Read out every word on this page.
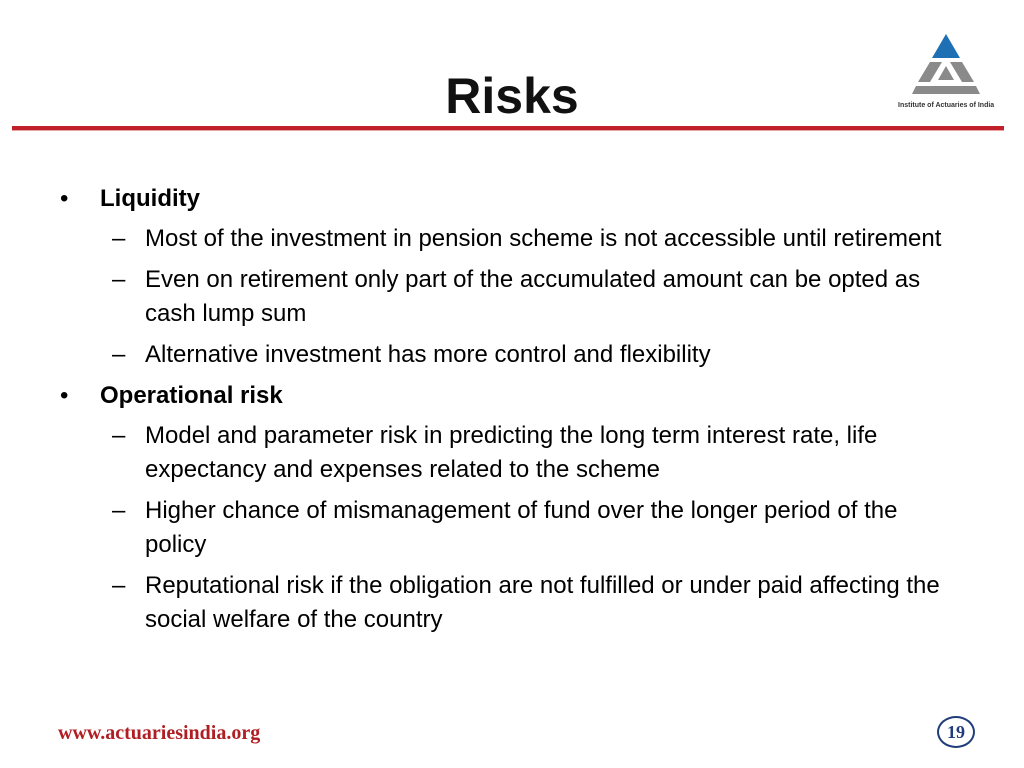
Risks	Institute of Actuaries of India
• Liquidity
– Most of the investment in pension scheme is not accessible until retirement
– Even on retirement only part of the accumulated amount can be opted as cash lump sum
– Alternative investment has more control and flexibility
• Operational risk
– Model and parameter risk in predicting the long term interest rate, life expectancy and expenses related to the scheme
– Higher chance of mismanagement of fund over the longer period of the policy
– Reputational risk if the obligation are not fulfilled or under paid affecting the social welfare of the country
www.actuariesindia.org	19
